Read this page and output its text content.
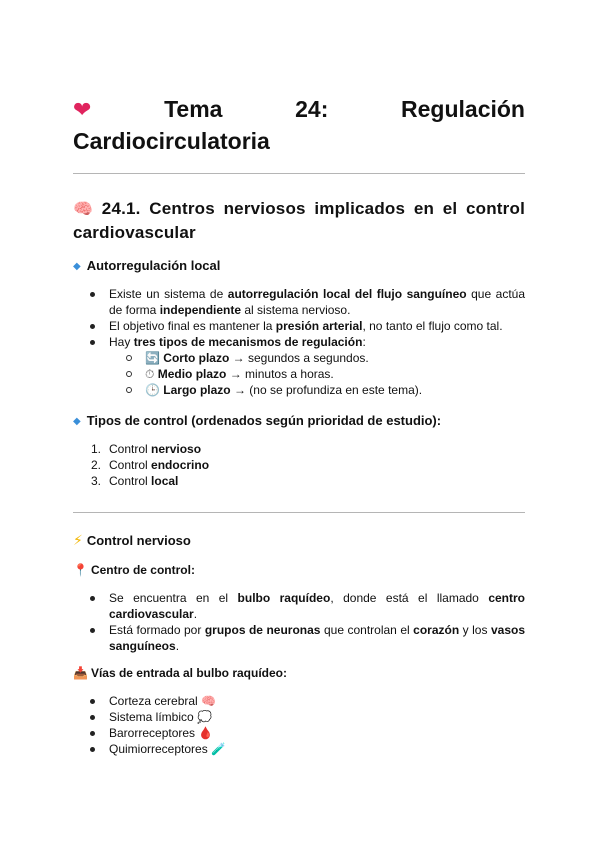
❤	Tema 24: Regulación Cardiocirculatoria
🧠 24.1. Centros nerviosos implicados en el control cardiovascular
◆ Autorregulación local
Existe un sistema de autorregulación local del flujo sanguíneo que actúa de forma independiente al sistema nervioso.
El objetivo final es mantener la presión arterial, no tanto el flujo como tal.
Hay tres tipos de mecanismos de regulación:
🔄 Corto plazo → segundos a segundos.
⏱ Medio plazo → minutos a horas.
🕒 Largo plazo → (no se profundiza en este tema).
◆ Tipos de control (ordenados según prioridad de estudio):
1. Control nervioso
2. Control endocrino
3. Control local
⚡ Control nervioso
📍 Centro de control:
Se encuentra en el bulbo raquídeo, donde está el llamado centro cardiovascular.
Está formado por grupos de neuronas que controlan el corazón y los vasos sanguíneos.
📥 Vías de entrada al bulbo raquídeo:
Corteza cerebral 🧠
Sistema límbico 💭
Barorreceptores 🩸
Quimiorreceptores 🧪
